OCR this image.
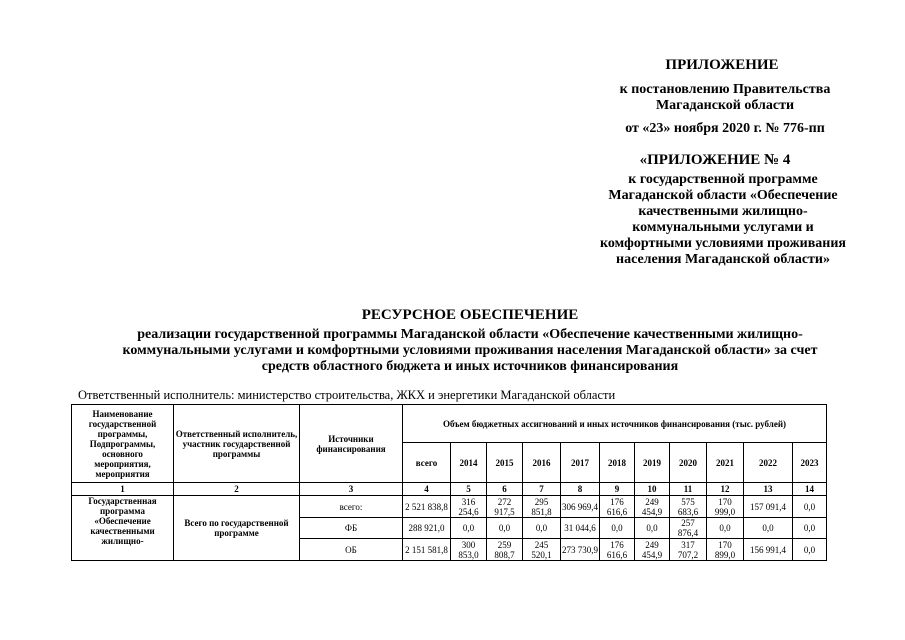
ПРИЛОЖЕНИЕ
к постановлению Правительства Магаданской области
от «23» ноября 2020 г. № 776-пп
«ПРИЛОЖЕНИЕ № 4
к государственной программе Магаданской области «Обеспечение качественными жилищно-коммунальными услугами и комфортными условиями проживания населения Магаданской области»
РЕСУРСНОЕ ОБЕСПЕЧЕНИЕ
реализации государственной программы Магаданской области «Обеспечение качественными жилищно-коммунальными услугами и комфортными условиями проживания населения Магаданской области» за счет средств областного бюджета и иных источников финансирования
Ответственный исполнитель: министерство строительства, ЖКХ и энергетики Магаданской области
Наименование государственной программы, Подпрограммы, основного мероприятия, мероприятия	Ответственный исполнитель, участник государственной программы	Источники финансирования	Объем бюджетных ассигнований и иных источников финансирования (тыс. рублей)										
			всего	2014	2015	2016	2017	2018	2019	2020	2021	2022	2023
1	2	3	4	5	6	7	8	9	10	11	12	13	14
Государственная программа «Обеспечение качественными жилищно-	Всего по государственной программе	всего:	2 521 838,8	316 254,6	272 917,5	295 851,8	306 969,4	176 616,6	249 454,9	575 683,6	170 999,0	157 091,4	0,0
		ФБ	288 921,0	0,0	0,0	0,0	31 044,6	0,0	0,0	257 876,4	0,0	0,0	0,0
		ОБ	2 151 581,8	300 853,0	259 808,7	245 520,1	273 730,9	176 616,6	249 454,9	317 707,2	170 899,0	156 991,4	0,0
